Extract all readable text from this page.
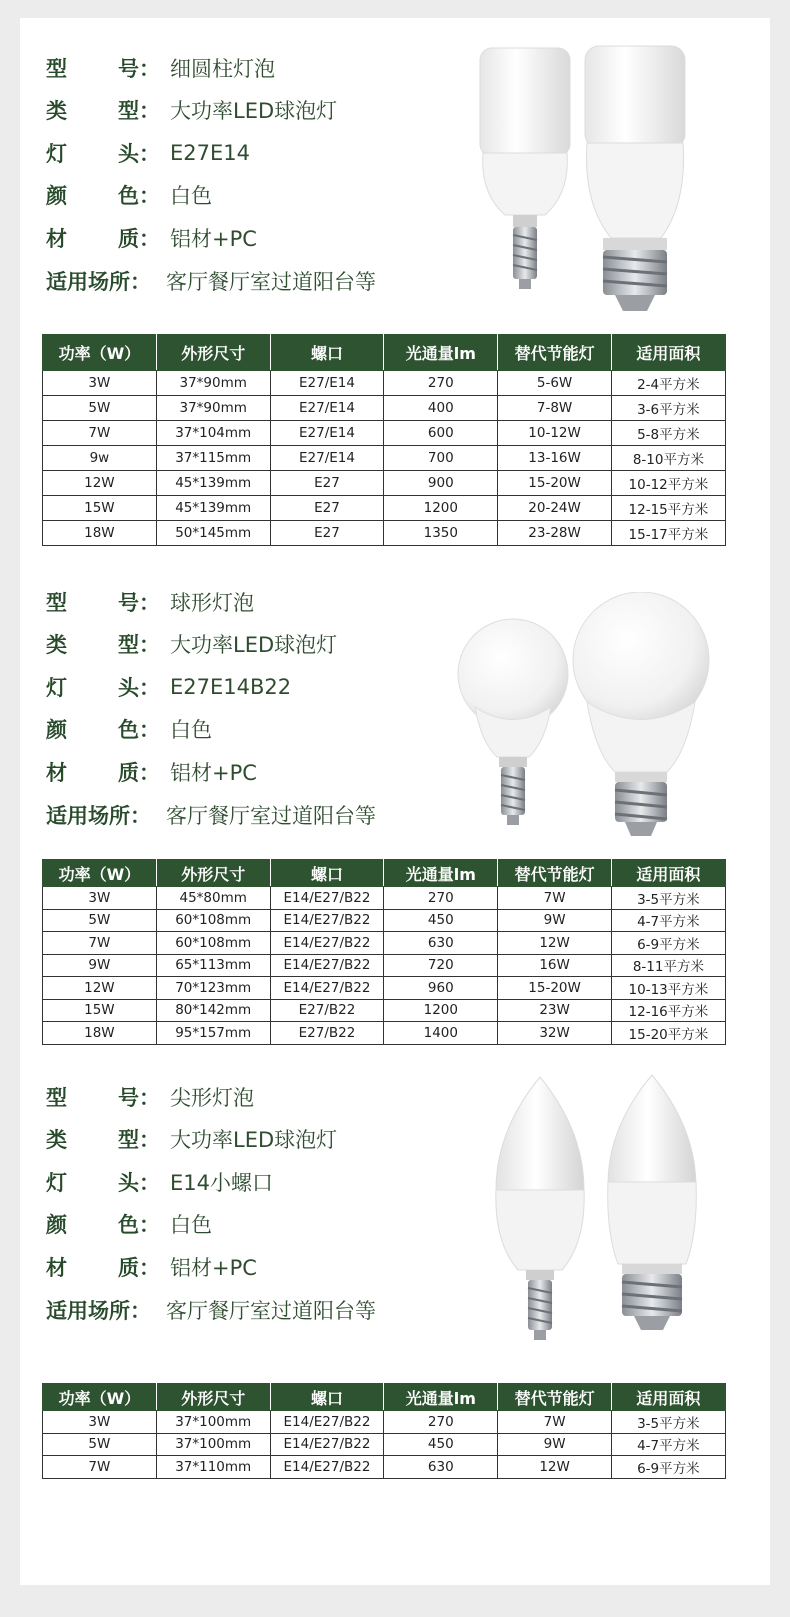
型	号： 细圆柱灯泡
类	型： 大功率LED球泡灯
灯	头： E27E14
颜	色： 白色
材	质： 铝材+PC
适用场所： 客厅餐厅室过道阳台等
功率（W）	外形尺寸	螺口	光通量lm	替代节能灯	适用面积
3W	37*90mm	E27/E14	270	5-6W	2-4平方米
5W	37*90mm	E27/E14	400	7-8W	3-6平方米
7W	37*104mm	E27/E14	600	10-12W	5-8平方米
9w	37*115mm	E27/E14	700	13-16W	8-10平方米
12W	45*139mm	E27	900	15-20W	10-12平方米
15W	45*139mm	E27	1200	20-24W	12-15平方米
18W	50*145mm	E27	1350	23-28W	15-17平方米
型	号： 球形灯泡
类	型： 大功率LED球泡灯
灯	头： E27E14B22
颜	色： 白色
材	质： 铝材+PC
适用场所： 客厅餐厅室过道阳台等
功率（W）	外形尺寸	螺口	光通量lm	替代节能灯	适用面积
3W	45*80mm	E14/E27/B22	270	7W	3-5平方米
5W	60*108mm	E14/E27/B22	450	9W	4-7平方米
7W	60*108mm	E14/E27/B22	630	12W	6-9平方米
9W	65*113mm	E14/E27/B22	720	16W	8-11平方米
12W	70*123mm	E14/E27/B22	960	15-20W	10-13平方米
15W	80*142mm	E27/B22	1200	23W	12-16平方米
18W	95*157mm	E27/B22	1400	32W	15-20平方米
型	号： 尖形灯泡
类	型： 大功率LED球泡灯
灯	头： E14小螺口
颜	色： 白色
材	质： 铝材+PC
适用场所： 客厅餐厅室过道阳台等
功率（W）	外形尺寸	螺口	光通量lm	替代节能灯	适用面积
3W	37*100mm	E14/E27/B22	270	7W	3-5平方米
5W	37*100mm	E14/E27/B22	450	9W	4-7平方米
7W	37*110mm	E14/E27/B22	630	12W	6-9平方米
